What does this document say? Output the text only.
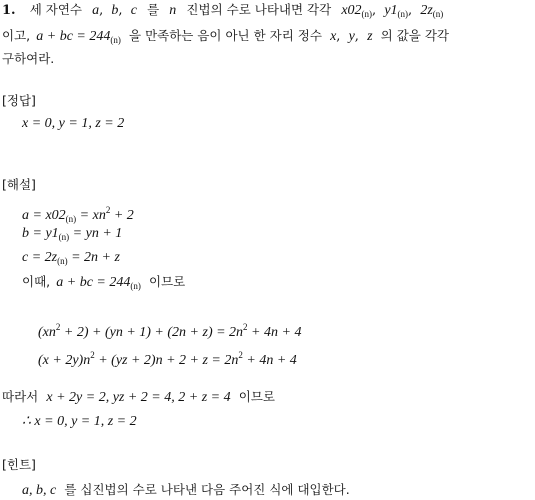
1. 세 자연수 a, b, c 를 n 진법의 수로 나타내면 각각 $x02_{(n)}$, $y1_{(n)}$, $2z_{(n)}$
이고, a + bc = $244_{(n)}$ 을 만족하는 음이 아닌 한 자리 정수 x, y, z 의 값을 각각
구하여라.
[정답]
x = 0, y = 1, z = 2
[해설]
$a = x02_{(n)} = xn^2 + 2$
$b = y1_{(n)}$ = yn + 1
$c = 2z_{(n)} = 2n + z$
이때, a + bc = $244_{(n)}$ 이므로
$(xn^2 + 2) + (yn + 1) + (2n + z) = 2n^2 + 4n + 4$
$(x + 2y)n^2 + (yz + 2)n + 2 + z = 2n^2 + 4n + 4$
따라서 x + 2y = 2, yz + 2 = 4, 2 + z = 4 이므로
∴ x = 0, y = 1, z = 2
[힌트]
a, b, c 를 십진법의 수로 나타낸 다음 주어진 식에 대입한다.
